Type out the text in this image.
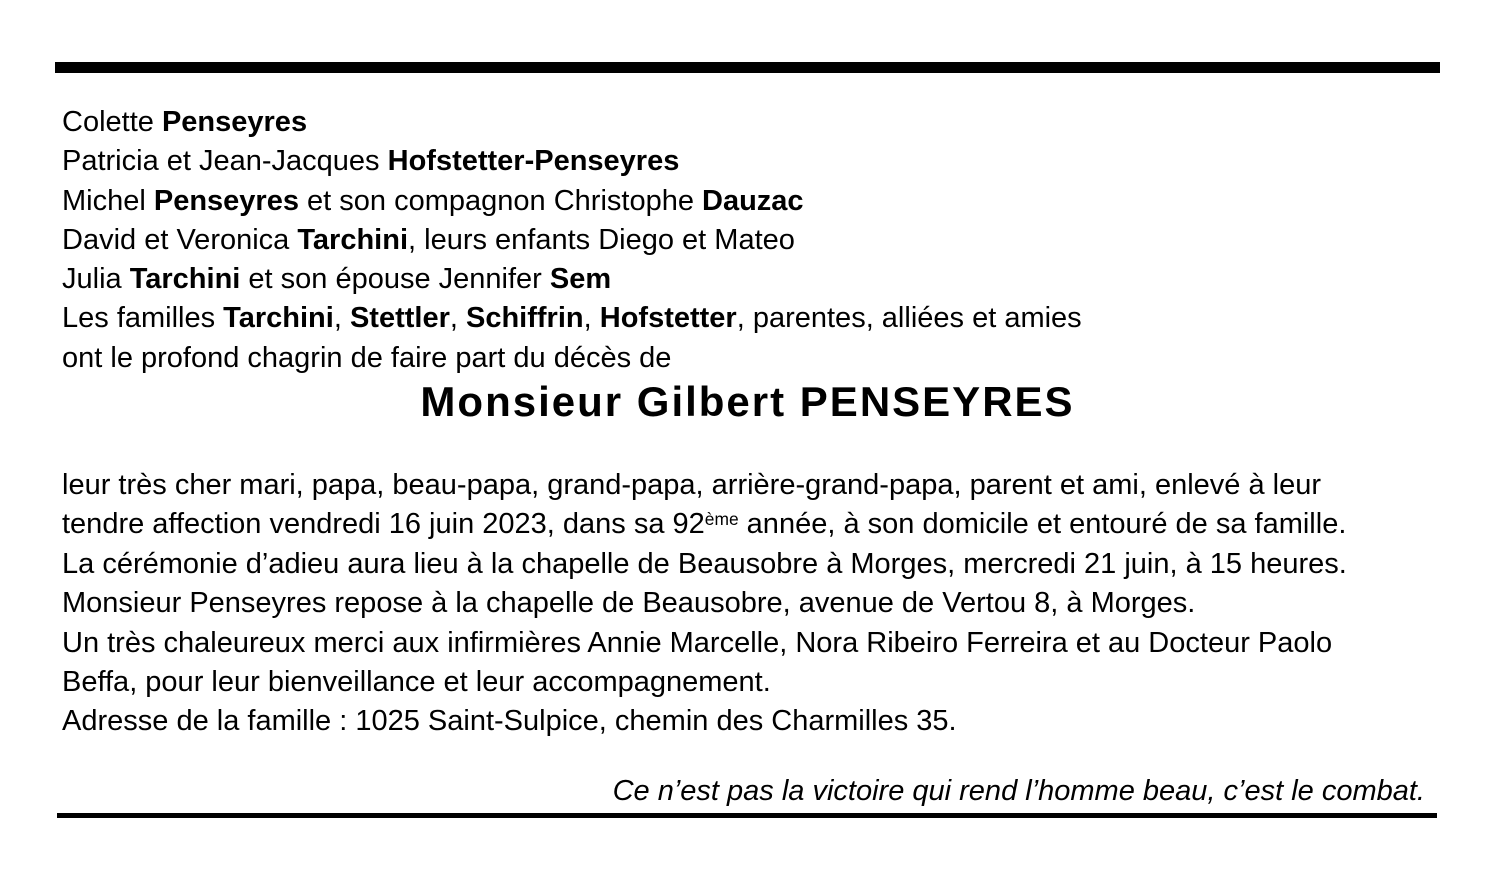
Colette Penseyres
Patricia et Jean-Jacques Hofstetter-Penseyres
Michel Penseyres et son compagnon Christophe Dauzac
David et Veronica Tarchini, leurs enfants Diego et Mateo
Julia Tarchini et son épouse Jennifer Sem
Les familles Tarchini, Stettler, Schiffrin, Hofstetter, parentes, alliées et amies
ont le profond chagrin de faire part du décès de
Monsieur Gilbert PENSEYRES
leur très cher mari, papa, beau-papa, grand-papa, arrière-grand-papa, parent et ami, enlevé à leur
tendre affection vendredi 16 juin 2023, dans sa 92ème année, à son domicile et entouré de sa famille.
La cérémonie d’adieu aura lieu à la chapelle de Beausobre à Morges, mercredi 21 juin, à 15 heures.
Monsieur Penseyres repose à la chapelle de Beausobre, avenue de Vertou 8, à Morges.
Un très chaleureux merci aux infirmières Annie Marcelle, Nora Ribeiro Ferreira et au Docteur Paolo
Beffa, pour leur bienveillance et leur accompagnement.
Adresse de la famille : 1025 Saint-Sulpice, chemin des Charmilles 35.
Ce n’est pas la victoire qui rend l’homme beau, c’est le combat.
